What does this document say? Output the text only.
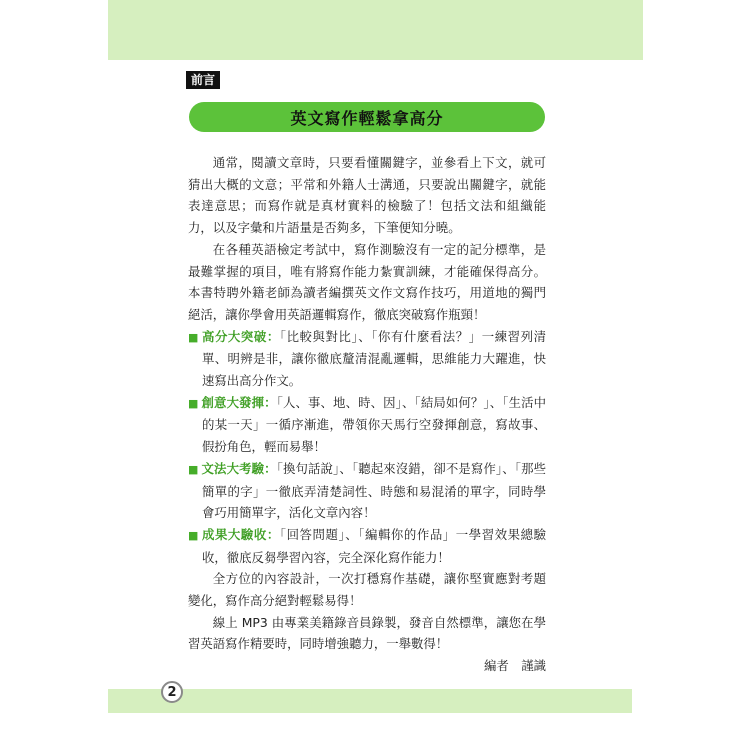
前言
英文寫作輕鬆拿高分

通常，閱讀文章時，只要看懂關鍵字，並參看上下文，就可猜出大概的文意；平常和外籍人士溝通，只要說出關鍵字，就能表達意思；而寫作就是真材實料的檢驗了！包括文法和組織能力，以及字彙和片語量是否夠多，下筆便知分曉。

在各種英語檢定考試中，寫作測驗沒有一定的記分標準，是最難掌握的項目，唯有將寫作能力紮實訓練，才能確保得高分。本書特聘外籍老師為讀者編撰英文作文寫作技巧，用道地的獨門絕活，讓你學會用英語邏輯寫作，徹底突破寫作瓶頸！

■ 高分大突破：「比較與對比」、「你有什麼看法？」一練習列清單、明辨是非，讓你徹底釐清混亂邏輯，思維能力大躍進，快速寫出高分作文。

■ 創意大發揮：「人、事、地、時、因」、「結局如何？」、「生活中的某一天」一循序漸進，帶領你天馬行空發揮創意，寫故事、假扮角色，輕而易舉！

■ 文法大考驗：「換句話說」、「聽起來沒錯，卻不是寫作」、「那些簡單的字」一徹底弄清楚詞性、時態和易混淆的單字，同時學會巧用簡單字，活化文章內容！

■ 成果大驗收：「回答問題」、「編輯你的作品」一學習效果總驗收，徹底反芻學習內容，完全深化寫作能力！

全方位的內容設計，一次打穩寫作基礎，讓你堅實應對考題變化，寫作高分絕對輕鬆易得！

線上 MP3 由專業美籍錄音員錄製，發音自然標準，讓您在學習英語寫作精要時，同時增強聽力，一舉數得！

編者　謹識

2
